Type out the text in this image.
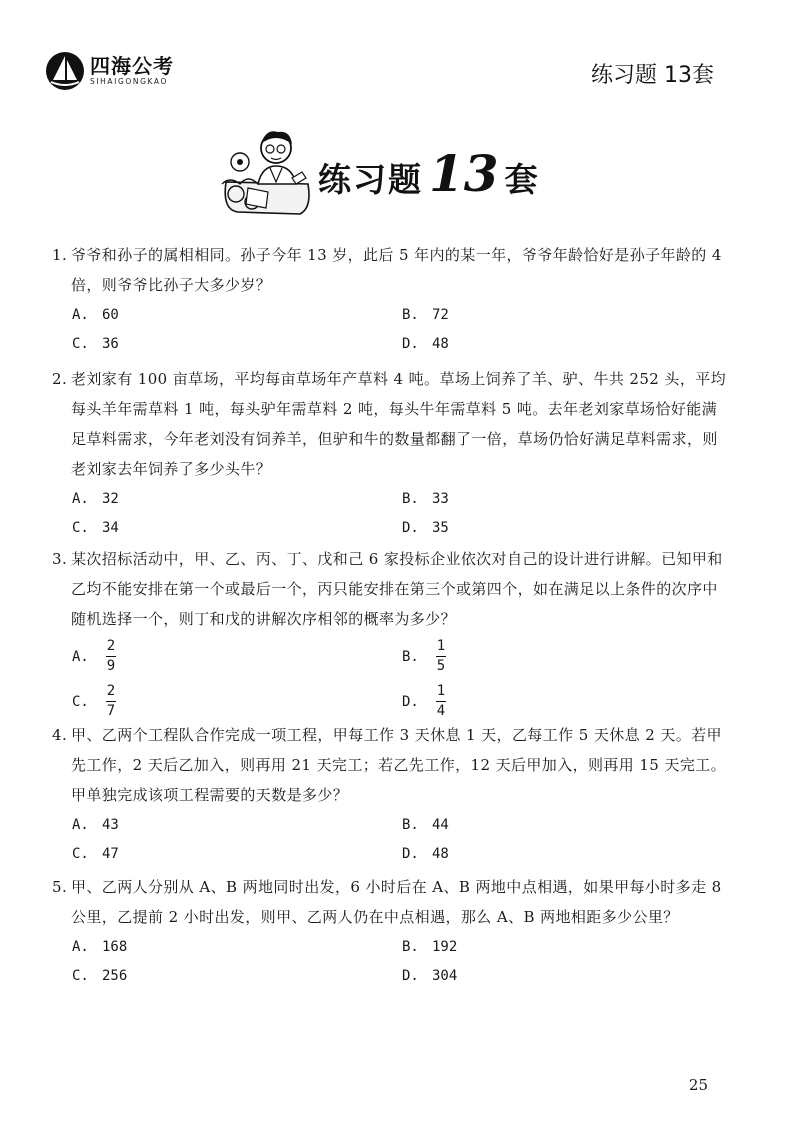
四海公考
SIHAIGONGKAO	练习题 13套
练习题 13 套
1. 爷爷和孙子的属相相同。孙子今年 13 岁，此后 5 年内的某一年，爷爷年龄恰好是孙子年龄的 4 倍，则爷爷比孙子大多少岁？
A. 60	B. 72
C. 36	D. 48
2. 老刘家有 100 亩草场，平均每亩草场年产草料 4 吨。草场上饲养了羊、驴、牛共 252 头，平均每头羊年需草料 1 吨，每头驴年需草料 2 吨，每头牛年需草料 5 吨。去年老刘家草场恰好能满足草料需求，今年老刘没有饲养羊，但驴和牛的数量都翻了一倍，草场仍恰好满足草料需求，则老刘家去年饲养了多少头牛？
A. 32	B. 33
C. 34	D. 35
3. 某次招标活动中，甲、乙、丙、丁、戊和己 6 家投标企业依次对自己的设计进行讲解。已知甲和乙均不能安排在第一个或最后一个，丙只能安排在第三个或第四个，如在满足以上条件的次序中随机选择一个，则丁和戊的讲解次序相邻的概率为多少？
A.	$\frac{2}{9}$	B.	$\frac{1}{5}$
C.	$\frac{2}{7}$	D.	$\frac{1}{4}$
4. 甲、乙两个工程队合作完成一项工程，甲每工作 3 天休息 1 天，乙每工作 5 天休息 2 天。若甲先工作，2 天后乙加入，则再用 21 天完工；若乙先工作，12 天后甲加入，则再用 15 天完工。甲单独完成该项工程需要的天数是多少？
A. 43	B. 44
C. 47	D. 48
5. 甲、乙两人分别从 A、B 两地同时出发，6 小时后在 A、B 两地中点相遇，如果甲每小时多走 8 公里，乙提前 2 小时出发，则甲、乙两人仍在中点相遇，那么 A、B 两地相距多少公里？
A. 168	B. 192
C. 256	D. 304
25
